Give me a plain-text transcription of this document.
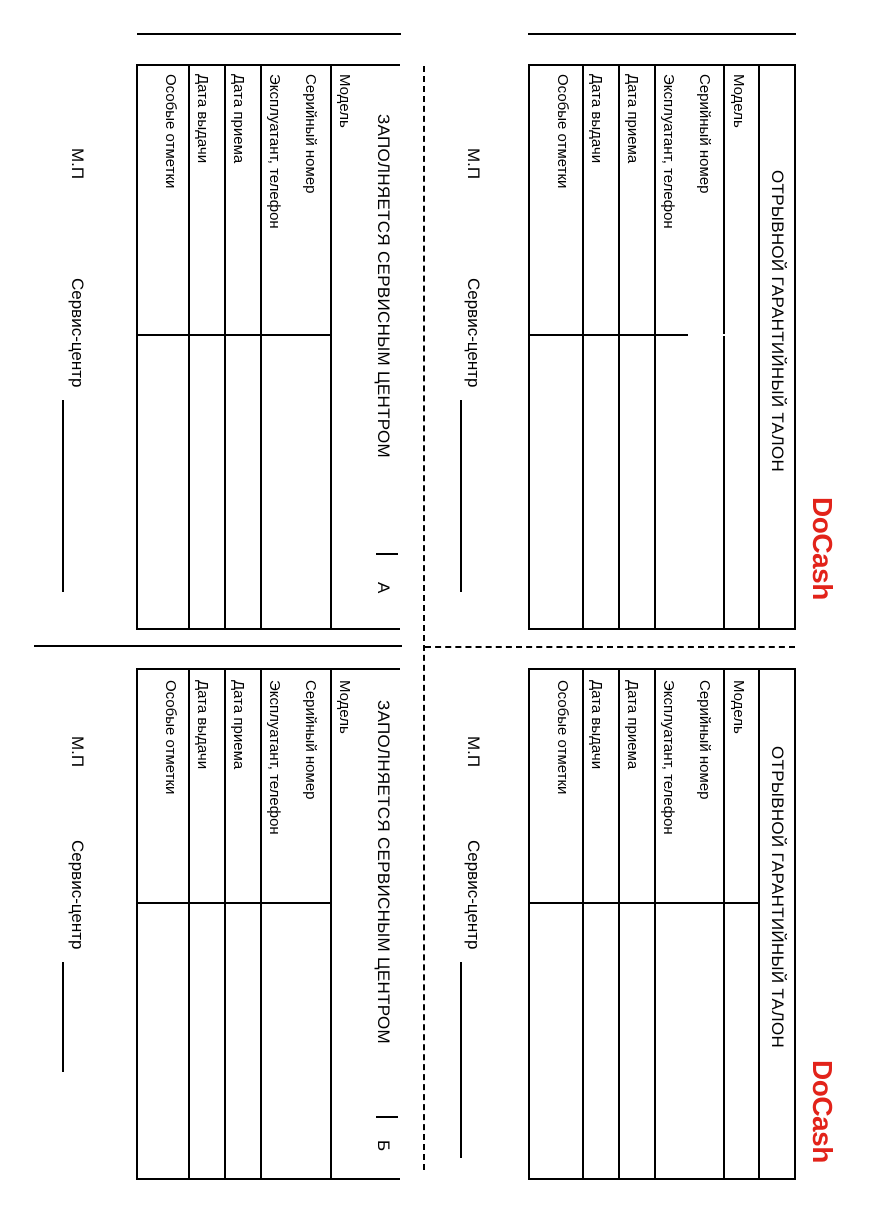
ОТРЫВНОЙ ГАРАНТИЙНЫЙ ТАЛОН
Модель
Серийный номер
Эксплуатант, телефон
Дата приема
Дата выдачи
Особые отметки
DoCash
М.П
Сервис-центр
ОТРЫВНОЙ ГАРАНТИЙНЫЙ ТАЛОН
Модель
Серийный номер
Эксплуатант, телефон
Дата приема
Дата выдачи
Особые отметки
DoCash
М.П
Сервис-центр
ЗАПОЛНЯЕТСЯ СЕРВИСНЫМ ЦЕНТРОМ
А
Модель
Серийный номер
Эксплуатант, телефон
Дата приема
Дата выдачи
Особые отметки
М.П
Сервис-центр
ЗАПОЛНЯЕТСЯ СЕРВИСНЫМ ЦЕНТРОМ
Б
Модель
Серийный номер
Эксплуатант, телефон
Дата приема
Дата выдачи
Особые отметки
М.П
Сервис-центр
